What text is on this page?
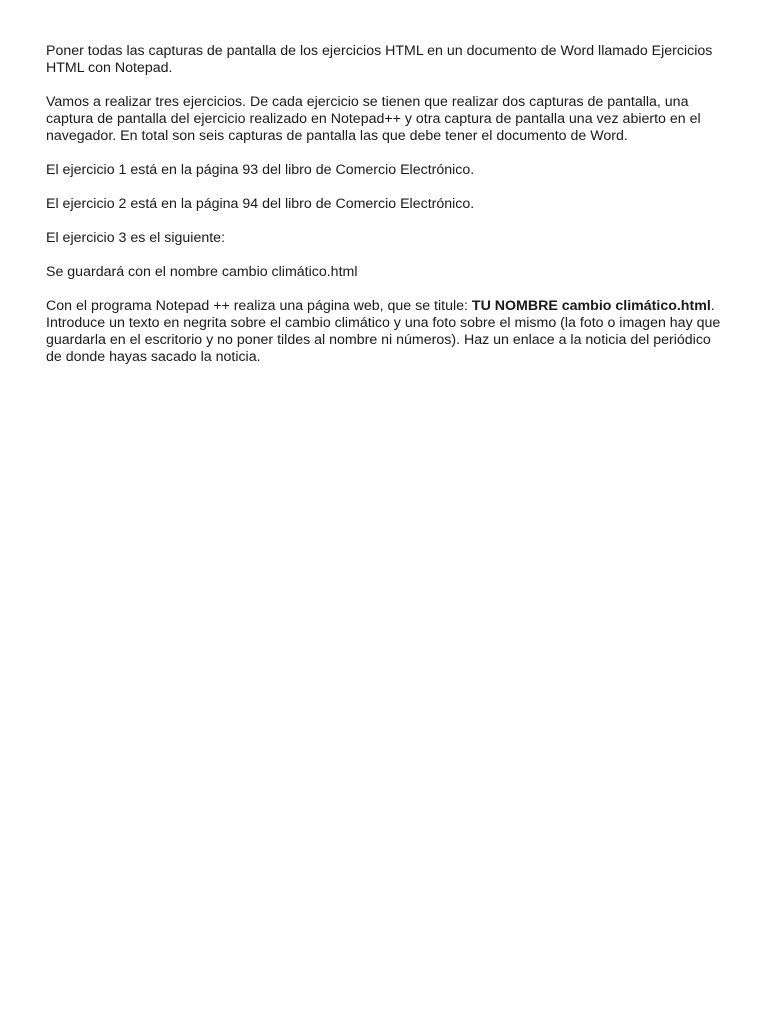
Poner todas las capturas de pantalla de los ejercicios HTML en un documento de Word llamado Ejercicios HTML con Notepad.

Vamos a realizar tres ejercicios. De cada ejercicio se tienen que realizar dos capturas de pantalla, una captura de pantalla del ejercicio realizado en Notepad++ y otra captura de pantalla una vez abierto en el navegador. En total son seis capturas de pantalla las que debe tener el documento de Word.

El ejercicio 1 está en la página 93 del libro de Comercio Electrónico.

El ejercicio 2 está en la página 94 del libro de Comercio Electrónico.

El ejercicio 3 es el siguiente:

Se guardará con el nombre cambio climático.html

Con el programa Notepad ++ realiza una página web, que se titule: TU NOMBRE cambio climático.html. Introduce un texto en negrita sobre el cambio climático y una foto sobre el mismo (la foto o imagen hay que guardarla en el escritorio y no poner tildes al nombre ni números). Haz un enlace a la noticia del periódico de donde hayas sacado la noticia.
